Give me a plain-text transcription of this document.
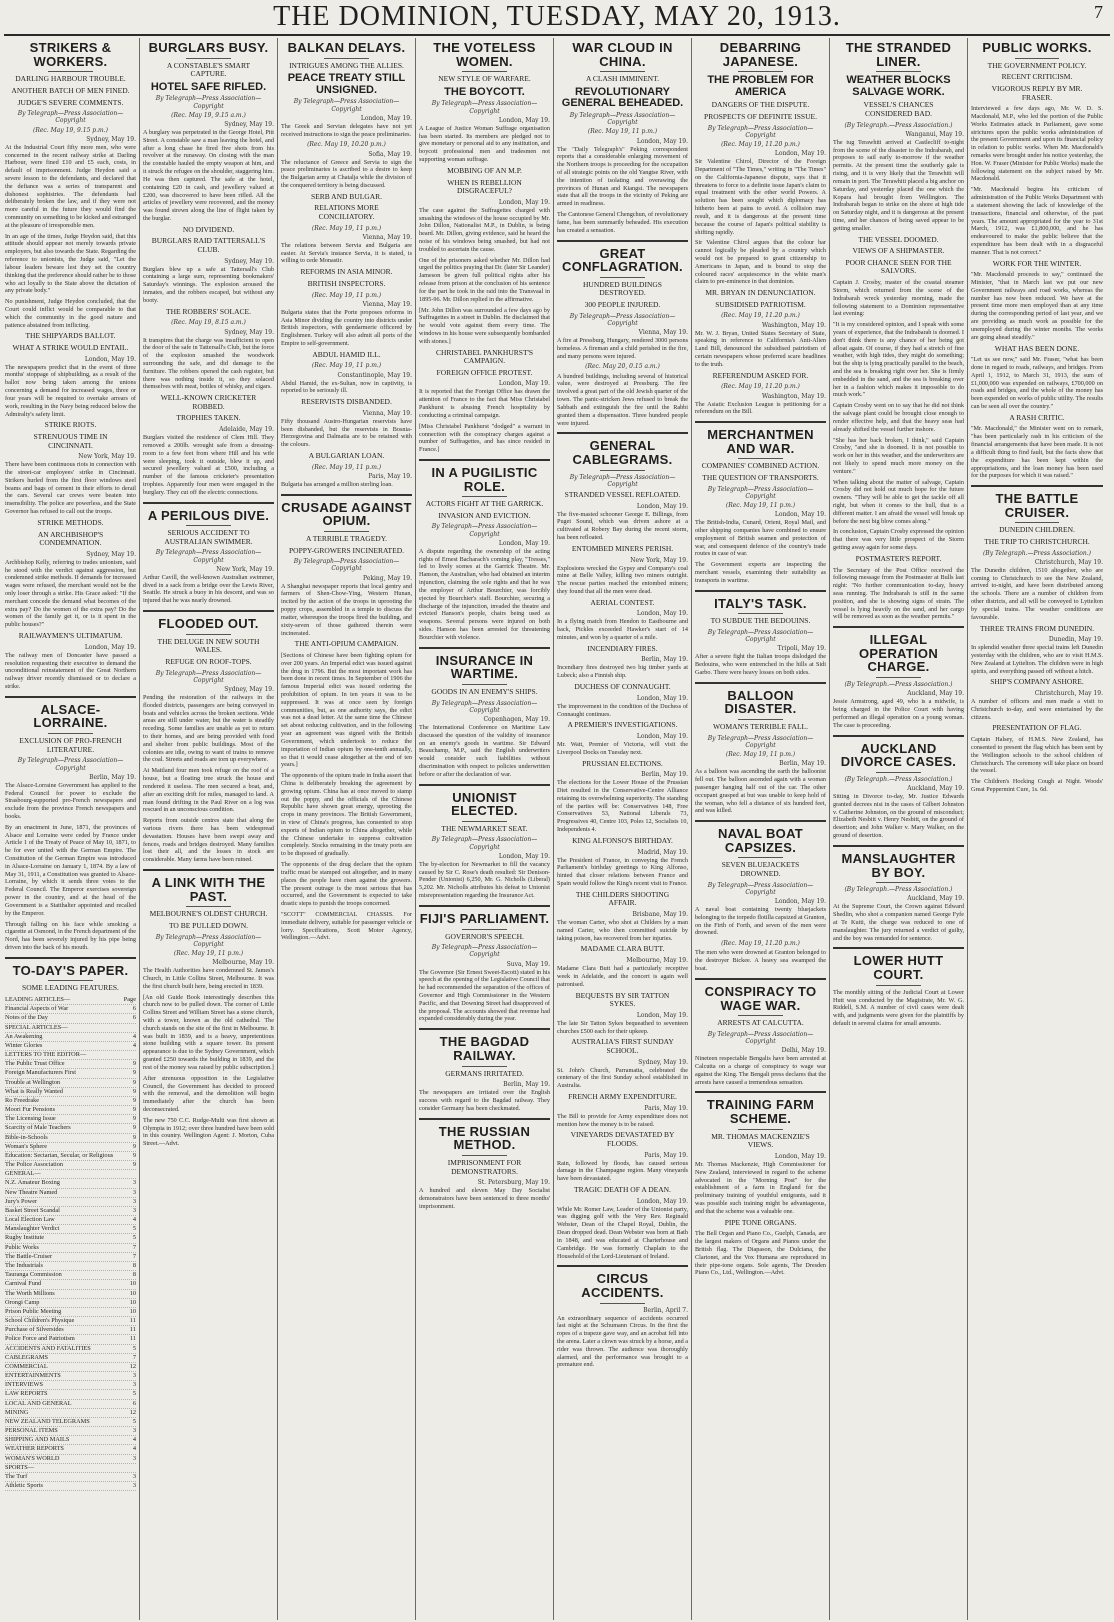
THE DOMINION, TUESDAY, MAY 20, 1913.	7
STRIKERS & WORKERS.
DARLING HARBOUR TROUBLE.
ANOTHER BATCH OF MEN FINED.
JUDGE'S SEVERE COMMENTS.
By Telegraph—Press Association—Copyright
(Rec. May 19, 9.15 p.m.)
Sydney, May 19.

At the Industrial Court fifty more men, who were concerned in the recent railway strike at Darling Harbour, were fined £10 and £5 each, costs, in default of imprisonment. Judge Heydon said a severe lesson to the defendants, and declared that the defiance was a series of transparent and dishonest sophistries. The defendants had deliberately broken the law, and if they were not more careful in the future they would find the community on something to be kicked and estranged at the pleasure of irresponsible men.

In an age of the times, Judge Heydon said, that this attitude should appear not merely towards private employers, but also towards the State. Regarding the reference to unionists, the Judge said, "Let the labour leaders beware lest they set the country thinking that the preference should rather be to those who act loyally to the State above the dictation of any private body."

No punishment, Judge Heydon concluded, that the Court could inflict would be comparable to that which the community in the good nature and patience abstained from inflicting.

THE SHIPYARDS BALLOT.
WHAT A STRIKE WOULD ENTAIL.
London, May 19.

The newspapers predict that in the event of three months' stoppage of shipbuilding, as a result of the ballot now being taken among the unions concerning a demand for increased wages, three or four years will be required to overtake arrears of work, resulting in the Navy being reduced below the Admiralty's safety limit.

STRIKE RIOTS.
STRENUOUS TIME IN CINCINNATI.
New York, May 19.

There have been continuous riots in connection with the street-car employees' strike in Cincinnati. Strikers hurled from the first floor windows steel beams and bags of cement in their efforts to derail the cars. Several car crews were beaten into insensibility. The police are powerless, and the State Governor has refused to call out the troops.

STRIKE METHODS.
AN ARCHBISHOP'S CONDEMNATION.
Sydney, May 19.

Archbishop Kelly, referring to trades unionism, said he stood with the verdict against aggression, but condemned strike methods. If demands for increased wages were refused, the merchant would not be the only loser through a strike. His Grace asked: "If the merchant concede the demand what becomes of the extra pay? Do the women of the extra pay? Do the women of the family get it, or is it spent in the public houses?"

RAILWAYMEN'S ULTIMATUM.
London, May 19.

The railway men of Doncaster have passed a resolution requesting their executive to demand the unconditional reinstatement of the Great Northern railway driver recently dismissed or to declare a strike.

ALSACE-LORRAINE.
EXCLUSION OF PRO-FRENCH LITERATURE.
By Telegraph—Press Association—Copyright
Berlin, May 19.

The Alsace-Lorraine Government has applied to the Federal Council for power to exclude the Strasbourg-supported pro-French newspapers and exclude from the province French newspapers and books.

By an enactment in June, 1871, the provinces of Alsace and Lorraine were ceded by France under Article 1 of the Treaty of Peace of May 10, 1871, to be for ever united with the German Empire. The Constitution of the German Empire was introduced in Alsace-Lorraine on January 1, 1874. By a law of May 31, 1911, a Constitution was granted to Alsace-Lorraine, by which it sends three votes to the Federal Council. The Emperor exercises sovereign power in the country, and at the head of the Government is a Statthalter appointed and recalled by the Emperor.

Through falling on his face while smoking a cigarette at Osmond, in the French department of the Nord, has been severely injured by his pipe being driven into the back of his mouth.

TO-DAY'S PAPER.
SOME LEADING FEATURES.
LEADING ARTICLES—	Page
Financial Aspects of War	6
Notes of the Day	6
SPECIAL ARTICLES—
An Awakening	4
Winter Glories	4
LETTERS TO THE EDITOR—
The Public Trust Office	9
Foreign Manufacturers First	9
Trouble at Wellington	9
What is Really Wanted	9
Ro Freedrake	9
Moori Fur Pensions	9
The Licensing Issue	9
Scarcity of Male Teachers	9
Bible-in-Schools	9
Woman's Sphere	9
Education: Sectarian, Secular, or Religious	9
The Police Association	9
GENERAL—
N.Z. Amateur Boxing	3
New Theatre Named	3
Jury's Power	3
Basket Street Scandal	3
Local Election Law	4
Manslaughter Verdict	5
Rugby Institute	5
Public Works	7
The Battle-Cruiser	7
The Industrials	8
Tauranga Commission	8
Carnival Fund	10
The Worth Millions	10
Orongi Camp	10
Prison Public Meeting	10
School Children's Physique	11
Purchase of Silversides	11
Police Force and Patriotism	11
ACCIDENTS AND FATALITIES	5
CABLEGRAMS	7
COMMERCIAL	12
ENTERTAINMENTS	3
INTERVIEWS	3
LAW REPORTS	5
LOCAL AND GENERAL	6
MINING	12
NEW ZEALAND TELEGRAMS	5
PERSONAL ITEMS	3
SHIPPING AND MAILS	4
WEATHER REPORTS	4
WOMAN'S WORLD	3
SPORTS—
The Turf	3
Athletic Sports	3
BURGLARS BUSY.
A CONSTABLE'S SMART CAPTURE.
HOTEL SAFE RIFLED.
By Telegraph—Press Association—Copyright
(Rec. May 19, 9.15 a.m.)
Sydney, May 19.

A burglary was perpetrated in the George Hotel, Pitt Street. A constable saw a man leaving the hotel, and after a long chase he fired five shots from his revolver at the runaway. On closing with the man the constable hauled the empty weapon at him, and it struck the refugee on the shoulder, staggering him. He was then captured. The safe at the hotel, containing £20 in cash, and jewellery valued at £200, was discovered to have been rifled. All the articles of jewellery were recovered, and the money was found strewn along the line of flight taken by the burglar.

NO DIVIDEND.
BURGLARS RAID TATTERSALL'S CLUB.
Sydney, May 19.

Burglars blew up a safe at Tattersall's Club containing a large sum, representing bookmakers' Saturday's winnings. The explosion aroused the inmates, and the robbers escaped, but without any booty.

THE ROBBERS' SOLACE.
(Rec. May 19, 8.15 a.m.)
Sydney, May 19.

It transpires that the charge was insufficient to open the door of the safe in Tattersall's Club, but the force of the explosion smashed the woodwork surrounding the safe, and did damage to the furniture. The robbers opened the cash register, but there was nothing inside it, so they solaced themselves with meat, bottles of whisky, and cigars.

WELL-KNOWN CRICKETER ROBBED.
TROPHIES TAKEN.
Adelaide, May 19.

Burglars visited the residence of Clem Hill. They removed a 200lb. wrought safe from a dressing-room to a few feet from where Hill and his wife were sleeping, took it outside, blew it up, and secured jewellery valued at £500, including a number of the famous cricketer's presentation trophies. Apparently four men were engaged in the burglary. They cut off the electric connections.

A PERILOUS DIVE.
SERIOUS ACCIDENT TO AUSTRALIAN SWIMMER.
By Telegraph—Press Association—Copyright
New York, May 19.

Arthur Cavill, the well-known Australian swimmer, dived in a sack from a bridge over the Lewis River, Seattle. He struck a buoy in his descent, and was so injured that he was nearly drowned.

FLOODED OUT.
THE DELUGE IN NEW SOUTH WALES.
REFUGE ON ROOF-TOPS.
By Telegraph—Press Association—Copyright
Sydney, May 19.

Pending the restoration of the railways in the flooded districts, passengers are being conveyed in boats and vehicles across the broken sections. Wide areas are still under water, but the water is steadily receding. Some families are unable as yet to return to their homes, and are being provided with food and shelter from public buildings. Most of the colonies are idle, owing to want of trains to remove the coal. Streets and roads are torn up everywhere.

At Maitland four men took refuge on the roof of a house, but a floating tree struck the house and rendered it useless. The men secured a boat, and, after an exciting drift for miles, managed to land. A man found drifting in the Paul River on a log was rescued in an unconscious condition.

Reports from outside centres state that along the various rivers there has been widespread devastation. Houses have been swept away and fences, roads and bridges destroyed. Many families lost their all, and the losses in stock are considerable. Many farms have been ruined.

A LINK WITH THE PAST.
MELBOURNE'S OLDEST CHURCH.
TO BE PULLED DOWN.
By Telegraph—Press Association—Copyright
(Rec. May 19, 11 p.m.)
Melbourne, May 19.

The Health Authorities have condemned St. James's Church, in Little Collins Street, Melbourne. It was the first church built here, being erected in 1839.

[An old Guide Book interestingly describes this church now to be pulled down. The corner of Little Collins Street and William Street has a stone church, with a tower, known as the old cathedral. The church stands on the site of the first in Melbourne. It was built in 1839, and is a heavy, unpretentious stone building with a square tower. Its present appearance is due to the Sydney Government, which granted £250 towards the building in 1839, and the rest of the money was raised by public subscription.]

After strenuous opposition in the Legislative Council, the Government has decided to proceed with the removal, and the demolition will begin immediately after the church has been deconsecrated.

The new 750 C.C. Rudge-Multi was first shown at Olympia in 1912; over three hundred have been sold in this country. Wellington Agent: J. Morton, Cuba Street.—Advt.

BALKAN DELAYS.
INTRIGUES AMONG THE ALLIES.
PEACE TREATY STILL UNSIGNED.
By Telegraph—Press Association—Copyright
London, May 19.

The Greek and Servian delegates have not yet received instructions to sign the peace preliminaries.

(Rec. May 19, 10.20 p.m.)
Sofia, May 19.

The reluctance of Greece and Servia to sign the peace preliminaries is ascribed to a desire to keep the Bulgarian army at Chatalja while the division of the conquered territory is being discussed.

SERB AND BULGAR.
RELATIONS MORE CONCILIATORY.
(Rec. May 19, 11 p.m.)
Vienna, May 19.

The relations between Servia and Bulgaria are easier. At Servia's instance Servia, it is stated, is willing to cede Monastir.

REFORMS IN ASIA MINOR.
BRITISH INSPECTORS.
(Rec. May 19, 11 p.m.)
Vienna, May 19.

Bulgaria states that the Porte proposes reforms in Asia Minor dividing the country into districts under British inspectors, with gendarmerie officered by Englishmen. Turkey will also admit all ports of the Empire to self-government.

ABDUL HAMID ILL.
(Rec. May 19, 11 p.m.)
Constantinople, May 19.

Abdul Hamid, the ex-Sultan, now in captivity, is reported to be seriously ill.

RESERVISTS DISBANDED.
Vienna, May 19.

Fifty thousand Austro-Hungarian reservists have been disbanded, but the reservists in Bosnia-Herzegovina and Dalmatia are to be retained with the colours.

A BULGARIAN LOAN.
(Rec. May 19, 11 p.m.)
Paris, May 19.

Bulgaria has arranged a million sterling loan.

CRUSADE AGAINST OPIUM.
A TERRIBLE TRAGEDY.
POPPY-GROWERS INCINERATED.
By Telegraph—Press Association—Copyright
Peking, May 19.

A Shanghai newspaper reports that local gentry and farmers of Shen-Chow-Ying, Western Hunan, incited by the action of the troops in uprooting the poppy crops, assembled in a temple to discuss the matter, whereupon the troops fired the building, and sixty-seven of those gathered therein were incinerated.

THE ANTI-OPIUM CAMPAIGN.

[Sections of Chinese have been fighting opium for over 200 years. An Imperial edict was issued against the drug in 1796. But the most important work has been done in recent times. In September of 1906 the famous Imperial edict was issued ordering the prohibition of opium. In ten years it was to be suppressed. It was at once seen by foreign communities, but, as one authority says, the edict was not a dead letter. At the same time the Chinese set about reducing cultivation, and in the following year an agreement was signed with the British Government, which undertook to reduce the importation of Indian opium by one-tenth annually, so that it would cease altogether at the end of ten years.]

The opponents of the opium trade in India assert that China is deliberately breaking the agreement by growing opium. China has at once moved to stamp out the poppy, and the officials of the Chinese Republic have shown great energy, uprooting the crops in many provinces. The British Government, in view of China's progress, has consented to stop exports of Indian opium to China altogether, while the Chinese undertake to suppress cultivation completely. Stocks remaining in the treaty ports are to be disposed of gradually.

The opponents of the drug declare that the opium traffic must be stamped out altogether, and in many places the people have risen against the growers. The present outrage is the most serious that has occurred, and the Government is expected to take drastic steps to punish the troops concerned.

"SCOTT" COMMERCIAL CHASSIS. For immediate delivery, suitable for passenger vehicle or lorry. Specifications, Scott Motor Agency, Wellington.—Advt.

THE VOTELESS WOMEN.
NEW STYLE OF WARFARE.
THE BOYCOTT.
By Telegraph—Press Association—Copyright
London, May 19.

A League of Justice Woman Suffrage organisation has been started. Its members are pledged not to give monetary or personal aid to any institution, and boycott professional men and tradesmen not supporting woman suffrage.

MOBBING OF AN M.P.
WHEN IS REBELLION DISGRACEFUL?
London, May 19.

The case against the Suffragettes charged with smashing the windows of the house occupied by Mr. John Dillon, Nationalist M.P., in Dublin, is being heard. Mr. Dillon, giving evidence, said he heard the noise of his windows being smashed, but had not troubled to ascertain the cause.

One of the prisoners asked whether Mr. Dillon had urged the politics praying that Dr. (later Sir Leander) Jameson be given full political rights after his release from prison at the conclusion of his sentence for the part he took in the raid into the Transvaal in 1895-96. Mr. Dillon replied in the affirmative.

[Mr. John Dillon was surrounded a few days ago by Suffragettes in a street in Dublin. He disclaimed that he would vote against them every time. The windows in his house were subsequently bombarded with stones.]

CHRISTABEL PANKHURST'S CAMPAIGN.
FOREIGN OFFICE PROTEST.
London, May 19.

It is reported that the Foreign Office has drawn the attention of France to the fact that Miss Christabel Pankhurst is abusing French hospitality by conducting a criminal campaign.

[Miss Christabel Pankhurst "dodged" a warrant in connection with the conspiracy charges against a number of Suffragettes, and has since resided in France.]

IN A PUGILISTIC ROLE.
ACTORS FIGHT AT THE GARRICK.
INVASION AND EVICTION.
By Telegraph—Press Association—Copyright
London, May 19.

A dispute regarding the ownership of the acting rights of Ernest Bacharach's coming play, "Tresses," led to lively scenes at the Garrick Theatre. Mr. Hanson, the Australian, who had obtained an interim injunction, claiming the sole rights and that he was the employer of Arthur Bourchier, was forcibly ejected by Bourchier's staff. Bourchier, securing a discharge of the injunction, invaded the theatre and evicted Hanson's people, chairs being used as weapons. Several persons were injured on both sides. Hanson has been arrested for threatening Bourchier with violence.

INSURANCE IN WARTIME.
GOODS IN AN ENEMY'S SHIPS.
By Telegraph—Press Association—Copyright
Copenhagen, May 19.

The International Conference on Maritime Law discussed the question of the validity of insurance on an enemy's goods in wartime. Sir Edward Beauchamp, M.P., said the English underwriters would consider such liabilities without discrimination with respect to policies underwritten before or after the declaration of war.

UNIONIST ELECTED.
THE NEWMARKET SEAT.
By Telegraph—Press Association—Copyright
London, May 19.

The by-election for Newmarket to fill the vacancy caused by Sir C. Rose's death resulted: Sir Denison-Pender (Unionist) 6,250, Mr. G. Nicholls (Liberal) 5,202. Mr. Nicholls attributes his defeat to Unionist misrepresentation regarding the Insurance Act.

FIJI'S PARLIAMENT.
GOVERNOR'S SPEECH.
By Telegraph—Press Association—Copyright
Suva, May 19.

The Governor (Sir Ernest Sweet-Escott) stated in his speech at the opening of the Legislative Council that he had recommended the separation of the offices of Governor and High Commissioner in the Western Pacific, and that Downing Street had disapproved of the proposal. The accounts showed that revenue had expanded considerably during the year.

THE BAGDAD RAILWAY.
GERMANS IRRITATED.
Berlin, May 19.

The newspapers are irritated over the English success with regard to the Bagdad railway. They consider Germany has been checkmated.

THE RUSSIAN METHOD.
IMPRISONMENT FOR DEMONSTRATORS.
St. Petersburg, May 19.

A hundred and eleven May Day Socialist demonstrators have been sentenced to three months' imprisonment.

WAR CLOUD IN CHINA.
A CLASH IMMINENT.
REVOLUTIONARY GENERAL BEHEADED.
By Telegraph—Press Association—Copyright
(Rec. May 19, 11 p.m.)
London, May 19.

The "Daily Telegraph's" Peking correspondent reports that a considerable enlarging movement of the Northern troops is proceeding for the occupation of all strategic points on the old Yangtse River, with the intention of isolating and overawing the provinces of Hunan and Kiangsi. The newspapers state that all the troops in the vicinity of Peking are armed in readiness.

The Cantonese General Chengchun, of revolutionary fame, has been summarily beheaded. His execution has created a sensation.

GREAT CONFLAGRATION.
HUNDRED BUILDINGS DESTROYED.
300 PEOPLE INJURED.
By Telegraph—Press Association—Copyright
Vienna, May 19.

A fire at Pressburg, Hungary, rendered 3000 persons homeless. A fireman and a child perished in the fire, and many persons were injured.

(Rec. May 20, 0.15 a.m.)

A hundred buildings, including several of historical value, were destroyed at Pressburg. The fire involved a great part of the old Jewish quarter of the town. The panic-stricken Jews refused to break the Sabbath and extinguish the fire until the Rabbi granted them a dispensation. Three hundred people were injured.

GENERAL CABLEGRAMS.
By Telegraph—Press Association—Copyright
STRANDED VESSEL REFLOATED.
London, May 19.

The five-masted schooner George E. Billings, from Puget Sound, which was driven ashore at a cultivated at Robery Bay during the recent storm, has been refloated.

ENTOMBED MINERS PERISH.
New York, May 19.

Explosions wrecked the Gypsy and Company's coal mine at Belle Valley, killing two miners outright. The rescue parties reached the entombed miners; they found that all the men were dead.

AERIAL CONTEST.
London, May 19.

In a flying match from Hendon to Eastbourne and back, Pickles exceeded Hawker's start of 14 minutes, and won by a quarter of a mile.

INCENDIARY FIRES.
Berlin, May 19.

Incendiary fires destroyed two big timber yards at Lubeck; also a Finnish ship.

DUCHESS OF CONNAUGHT.
London, May 19.

The improvement in the condition of the Duchess of Connaught continues.

A PREMIER'S INVESTIGATIONS.
London, May 19.

Mr. Watt, Premier of Victoria, will visit the Liverpool Docks on Tuesday next.

PRUSSIAN ELECTIONS.
Berlin, May 19.

The elections for the Lower House of the Prussian Diet resulted in the Conservative-Centre Alliance retaining its overwhelming superiority. The standing of the parties will be: Conservatives 148, Free Conservatives 53, National Liberals 73, Progressives 40, Centre 103, Poles 12, Socialists 10, Independents 4.

KING ALFONSO'S BIRTHDAY.
Madrid, May 19.

The President of France, in conveying the French Parliament's birthday greetings to King Alfonso, hinted that closer relations between France and Spain would follow the King's recent visit to France.

THE CHILDERS SHOOTING AFFAIR.
Brisbane, May 19.

The woman Carter, who shot at Childers by a man named Carter, who then committed suicide by taking poison, has recovered from her injuries.

MADAME CLARA BUTT.
Melbourne, May 19.

Madame Clara Butt had a particularly receptive week in Adelaide, and the concert is again well patronised.

BEQUESTS BY SIR TATTON SYKES.
London, May 19.

The late Sir Tatton Sykes bequeathed to seventeen churches £500 each for their upkeep.

AUSTRALIA'S FIRST SUNDAY SCHOOL.
Sydney, May 19.

St. John's Church, Parramatta, celebrated the centenary of the first Sunday school established in Australia.

FRENCH ARMY EXPENDITURE.
Paris, May 19.

The Bill to provide for Army expenditure does not mention how the money is to be raised.

VINEYARDS DEVASTATED BY FLOODS.
Paris, May 19.

Rain, followed by floods, has caused serious damage in the Champagne region. Many vineyards have been devastated.

TRAGIC DEATH OF A DEAN.
London, May 19.

While Mr. Romer Law, Leader of the Unionist party, was digging golf with the Very Rev. Reginald Webster, Dean of the Chapel Royal, Dublin, the Dean dropped dead. Dean Webster was born at Bath in 1848, and was educated at Charterhouse and Cambridge. He was formerly Chaplain to the Household of the Lord-Lieutenant of Ireland.

CIRCUS ACCIDENTS.
Berlin, April 7.

An extraordinary sequence of accidents occurred last night at the Schumann Circus. In the first the ropes of a trapeze gave way, and an acrobat fell into the arena. Later a clown was struck by a horse, and a rider was thrown. The audience was thoroughly alarmed, and the performance was brought to a premature end.

DEBARRING JAPANESE.
THE PROBLEM FOR AMERICA
DANGERS OF THE DISPUTE.
PROSPECTS OF DEFINITE ISSUE.
By Telegraph—Press Association—Copyright
(Rec. May 19, 11.20 p.m.)
London, May 19.

Sir Valentine Chirol, Director of the Foreign Department of "The Times," writing in "The Times" on the California-Japanese dispute, says that it threatens to force to a definite issue Japan's claim to equal treatment with the other world Powers. A solution has been sought which diplomacy has hitherto been at pains to avoid. A collision may result, and it is dangerous at the present time because the course of Japan's political stability is shifting rapidly.

Sir Valentine Chirol argues that the colour bar cannot logically be pleaded by a country which would not be prepared to grant citizenship to Americans in Japan, and is bound to stop the coloured races' acquiescence in the white man's claim to pre-eminence in that dominion.

MR. BRYAN IN DENUNCIATION.
SUBSIDISED PATRIOTISM.
(Rec. May 19, 11.20 p.m.)
Washington, May 19.

Mr. W. J. Bryan, United States Secretary of State, speaking in reference to California's Anti-Alien Land Bill, denounced the subsidised patriotism of certain newspapers whose preferred scare headlines to the truth.

REFERENDUM ASKED FOR.
(Rec. May 19, 11.20 p.m.)
Washington, May 19.

The Asiatic Exclusion League is petitioning for a referendum on the Bill.

MERCHANTMEN AND WAR.
COMPANIES' COMBINED ACTION.
THE QUESTION OF TRANSPORTS.
By Telegraph—Press Association—Copyright
(Rec. May 19, 11 p.m.)
London, May 19.

The British-India, Cunard, Orient, Royal Mail, and other shipping companies have combined to ensure employment of British seamen and protection of war, and consequent defence of the country's trade routes in case of war.

The Government experts are inspecting the merchant vessels, examining their suitability as transports in wartime.

ITALY'S TASK.
TO SUBDUE THE BEDOUINS.
By Telegraph—Press Association—Copyright
Tripoli, May 19.

After a severe fight the Italian troops dislodged the Bedouins, who were entrenched in the hills at Sidi Garbo. There were heavy losses on both sides.

BALLOON DISASTER.
WOMAN'S TERRIBLE FALL.
By Telegraph—Press Association—Copyright
(Rec. May 19, 11 p.m.)
Berlin, May 19.

As a balloon was ascending the earth the balloonist fell out. The balloon ascended again with a woman passenger hanging half out of the car. The other occupant grasped at but was unable to keep hold of the woman, who fell a distance of six hundred feet, and was killed.

NAVAL BOAT CAPSIZES.
SEVEN BLUEJACKETS DROWNED.
By Telegraph—Press Association—Copyright
London, May 19.

A naval boat containing twenty bluejackets belonging to the torpedo flotilla capsized at Granton, on the Firth of Forth, and seven of the men were drowned.

(Rec. May 19, 11.20 p.m.)

The men who were drowned at Granton belonged to the destroyer Bickee. A heavy sea swamped the boat.

CONSPIRACY TO WAGE WAR.
ARRESTS AT CALCUTTA.
By Telegraph—Press Association—Copyright
Delhi, May 19.

Nineteen respectable Bengalis have been arrested at Calcutta on a charge of conspiracy to wage war against the King. The Bengali press declares that the arrests have caused a tremendous sensation.

TRAINING FARM SCHEME.
MR. THOMAS MACKENZIE'S VIEWS.
London, May 19.

Mr. Thomas Mackenzie, High Commissioner for New Zealand, interviewed in regard to the scheme advocated in the "Morning Post" for the establishment of a farm in England for the preliminary training of youthful emigrants, said it was possible such training might be advantageous, and that the scheme was a valuable one.

PIPE TONE ORGANS.

The Bell Organ and Piano Co., Guelph, Canada, are the largest makers of Organs and Pianos under the British flag. The Diapason, the Dulciana, the Clarionet, and the Vox Humana are reproduced in their pipe-tone organs. Sole agents, The Dresden Piano Co., Ltd., Wellington.—Advt.

THE STRANDED LINER.
WEATHER BLOCKS SALVAGE WORK.
VESSEL'S CHANCES CONSIDERED BAD.
(By Telegraph.—Press Association.)
Wanganui, May 19.

The tug Terawhiti arrived at Castlecliff to-night from the scene of the disaster to the Indrabarah, and proposes to sail early to-morrow if the weather permits. At the present time the southerly gale is rising, and it is very likely that the Terawhiti will remain in port. The Terawhiti placed a big anchor on Saturday, and yesterday placed the one which the Kopara had brought from Wellington. The Indrabarah began to strike on the shore at high tide on Saturday night, and it is dangerous at the present time, and her chances of being saved appear to be getting smaller.

THE VESSEL DOOMED.
VIEWS OF A SHIPMASTER.
POOR CHANCE SEEN FOR THE SALVORS.

Captain J. Crosby, master of the coastal steamer Storm, which returned from the scene of the Indrabarah wreck yesterday morning, made the following statement to a Dominion representative last evening:

"It is my considered opinion, and I speak with some years of experience, that the Indrabarah is doomed. I don't think there is any chance of her being got afloat again. Of course, if they had a stretch of fine weather, with high tides, they might do something; but the ship is lying practically parallel to the beach, and the sea is breaking right over her. She is firmly embedded in the sand, and the sea is breaking over her in a fashion which makes it impossible to do much work."

Captain Crosby went on to say that he did not think the salvage plant could be brought close enough to render effective help, and that the heavy seas had already shifted the vessel further inshore.

"She has her back broken, I think," said Captain Crosby, "and she is doomed. It is not possible to work on her in this weather, and the underwriters are not likely to spend much more money on the venture."

When talking about the matter of salvage, Captain Crosby did not hold out much hope for the future owners. "They will be able to get the tackle off all right, but when it comes to the hull, that is a different matter. I am afraid the vessel will break up before the next big blow comes along."

In conclusion, Captain Crosby expressed the opinion that there was very little prospect of the Storm getting away again for some days.

POSTMASTER'S REPORT.

The Secretary of the Post Office received the following message from the Postmaster at Bulls last night: "No further communication to-day, heavy seas running. The Indrabarah is still in the same position, and she is showing signs of strain. The vessel is lying heavily on the sand, and her cargo will be removed as soon as the weather permits."

ILLEGAL OPERATION CHARGE.
(By Telegraph.—Press Association.)
Auckland, May 19.

Jessie Armstrong, aged 49, who is a midwife, is being charged in the Police Court with having performed an illegal operation on a young woman. The case is proceeding.

AUCKLAND DIVORCE CASES.
(By Telegraph.—Press Association.)
Auckland, May 19.

Sitting in Divorce to-day, Mr. Justice Edwards granted decrees nisi in the cases of Gilbert Johnston v. Catherine Johnston, on the ground of misconduct; Elizabeth Nesbitt v. Henry Nesbitt, on the ground of desertion; and John Walker v. Mary Walker, on the ground of desertion.

MANSLAUGHTER BY BOY.
(By Telegraph.—Press Association.)
Auckland, May 19.

At the Supreme Court, the Crown against Edward Shedlin, who shot a companion named George Fyfe at Te Kuiti, the charge was reduced to one of manslaughter. The jury returned a verdict of guilty, and the boy was remanded for sentence.

LOWER HUTT COURT.

The monthly sitting of the Judicial Court at Lower Hutt was conducted by the Magistrate, Mr. W. G. Riddell, S.M. A number of civil cases were dealt with, and judgments were given for the plaintiffs by default in several claims for small amounts.

PUBLIC WORKS.
THE GOVERNMENT POLICY.
RECENT CRITICISM.
VIGOROUS REPLY BY MR. FRASER.

Interviewed a few days ago, Mr. W. D. S. Macdonald, M.P., who led the portion of the Public Works Estimates attack in Parliament, gave some strictures upon the public works administration of the present Government and upon its financial policy in relation to public works. When Mr. Macdonald's remarks were brought under his notice yesterday, the Hon. W. Fraser (Minister for Public Works) made the following statement on the subject raised by Mr. Macdonald.

"Mr. Macdonald begins his criticism of administration of the Public Works Department with a statement showing the lack of knowledge of the transactions, financial and otherwise, of the past years. The amount appropriated for the year to 31st March, 1912, was £1,800,000, and he has endeavoured to make the public believe that the expenditure has been dealt with in a disgraceful manner. That is not correct."

WORK FOR THE WINTER.

"Mr. Macdonald proceeds to say," continued the Minister, "that in March last we put our new Government railways and road works, whereas the number has now been reduced. We have at the present time more men employed than at any time during the corresponding period of last year, and we are providing as much work as possible for the unemployed during the winter months. The works are going ahead steadily."

WHAT HAS BEEN DONE.

"Let us see now," said Mr. Fraser, "what has been done in regard to roads, railways, and bridges. From April 1, 1912, to March 31, 1913, the sum of £1,000,000 was expended on railways, £700,000 on roads and bridges, and the whole of the money has been expended on works of public utility. The results can be seen all over the country."

A RASH CRITIC.

"Mr. Macdonald," the Minister went on to remark, "has been particularly rash in his criticism of the financial arrangements that have been made. It is not a difficult thing to find fault, but the facts show that the expenditure has been kept within the appropriations, and the loan money has been used for the purposes for which it was raised."

THE BATTLE CRUISER.
DUNEDIN CHILDREN.
THE TRIP TO CHRISTCHURCH.
(By Telegraph.—Press Association.)
Christchurch, May 19.

The Dunedin children, 1510 altogether, who are coming to Christchurch to see the New Zealand, arrived to-night, and have been distributed among the schools. There are a number of children from other districts, and all will be conveyed to Lyttelton by special trains. The weather conditions are favourable.

THREE TRAINS FROM DUNEDIN.
Dunedin, May 19.

In splendid weather three special trains left Dunedin yesterday with the children, who are to visit H.M.S. New Zealand at Lyttelton. The children were in high spirits, and everything passed off without a hitch.

SHIP'S COMPANY ASHORE.
Christchurch, May 19.

A number of officers and men made a visit to Christchurch to-day, and were entertained by the citizens.

PRESENTATION OF FLAG.

Captain Halsey, of H.M.S. New Zealand, has consented to present the flag which has been sent by the Wellington schools to the school children of Christchurch. The ceremony will take place on board the vessel.

The Children's Hocking Cough at Night. Woods' Great Peppermint Cure, 1s. 6d.
